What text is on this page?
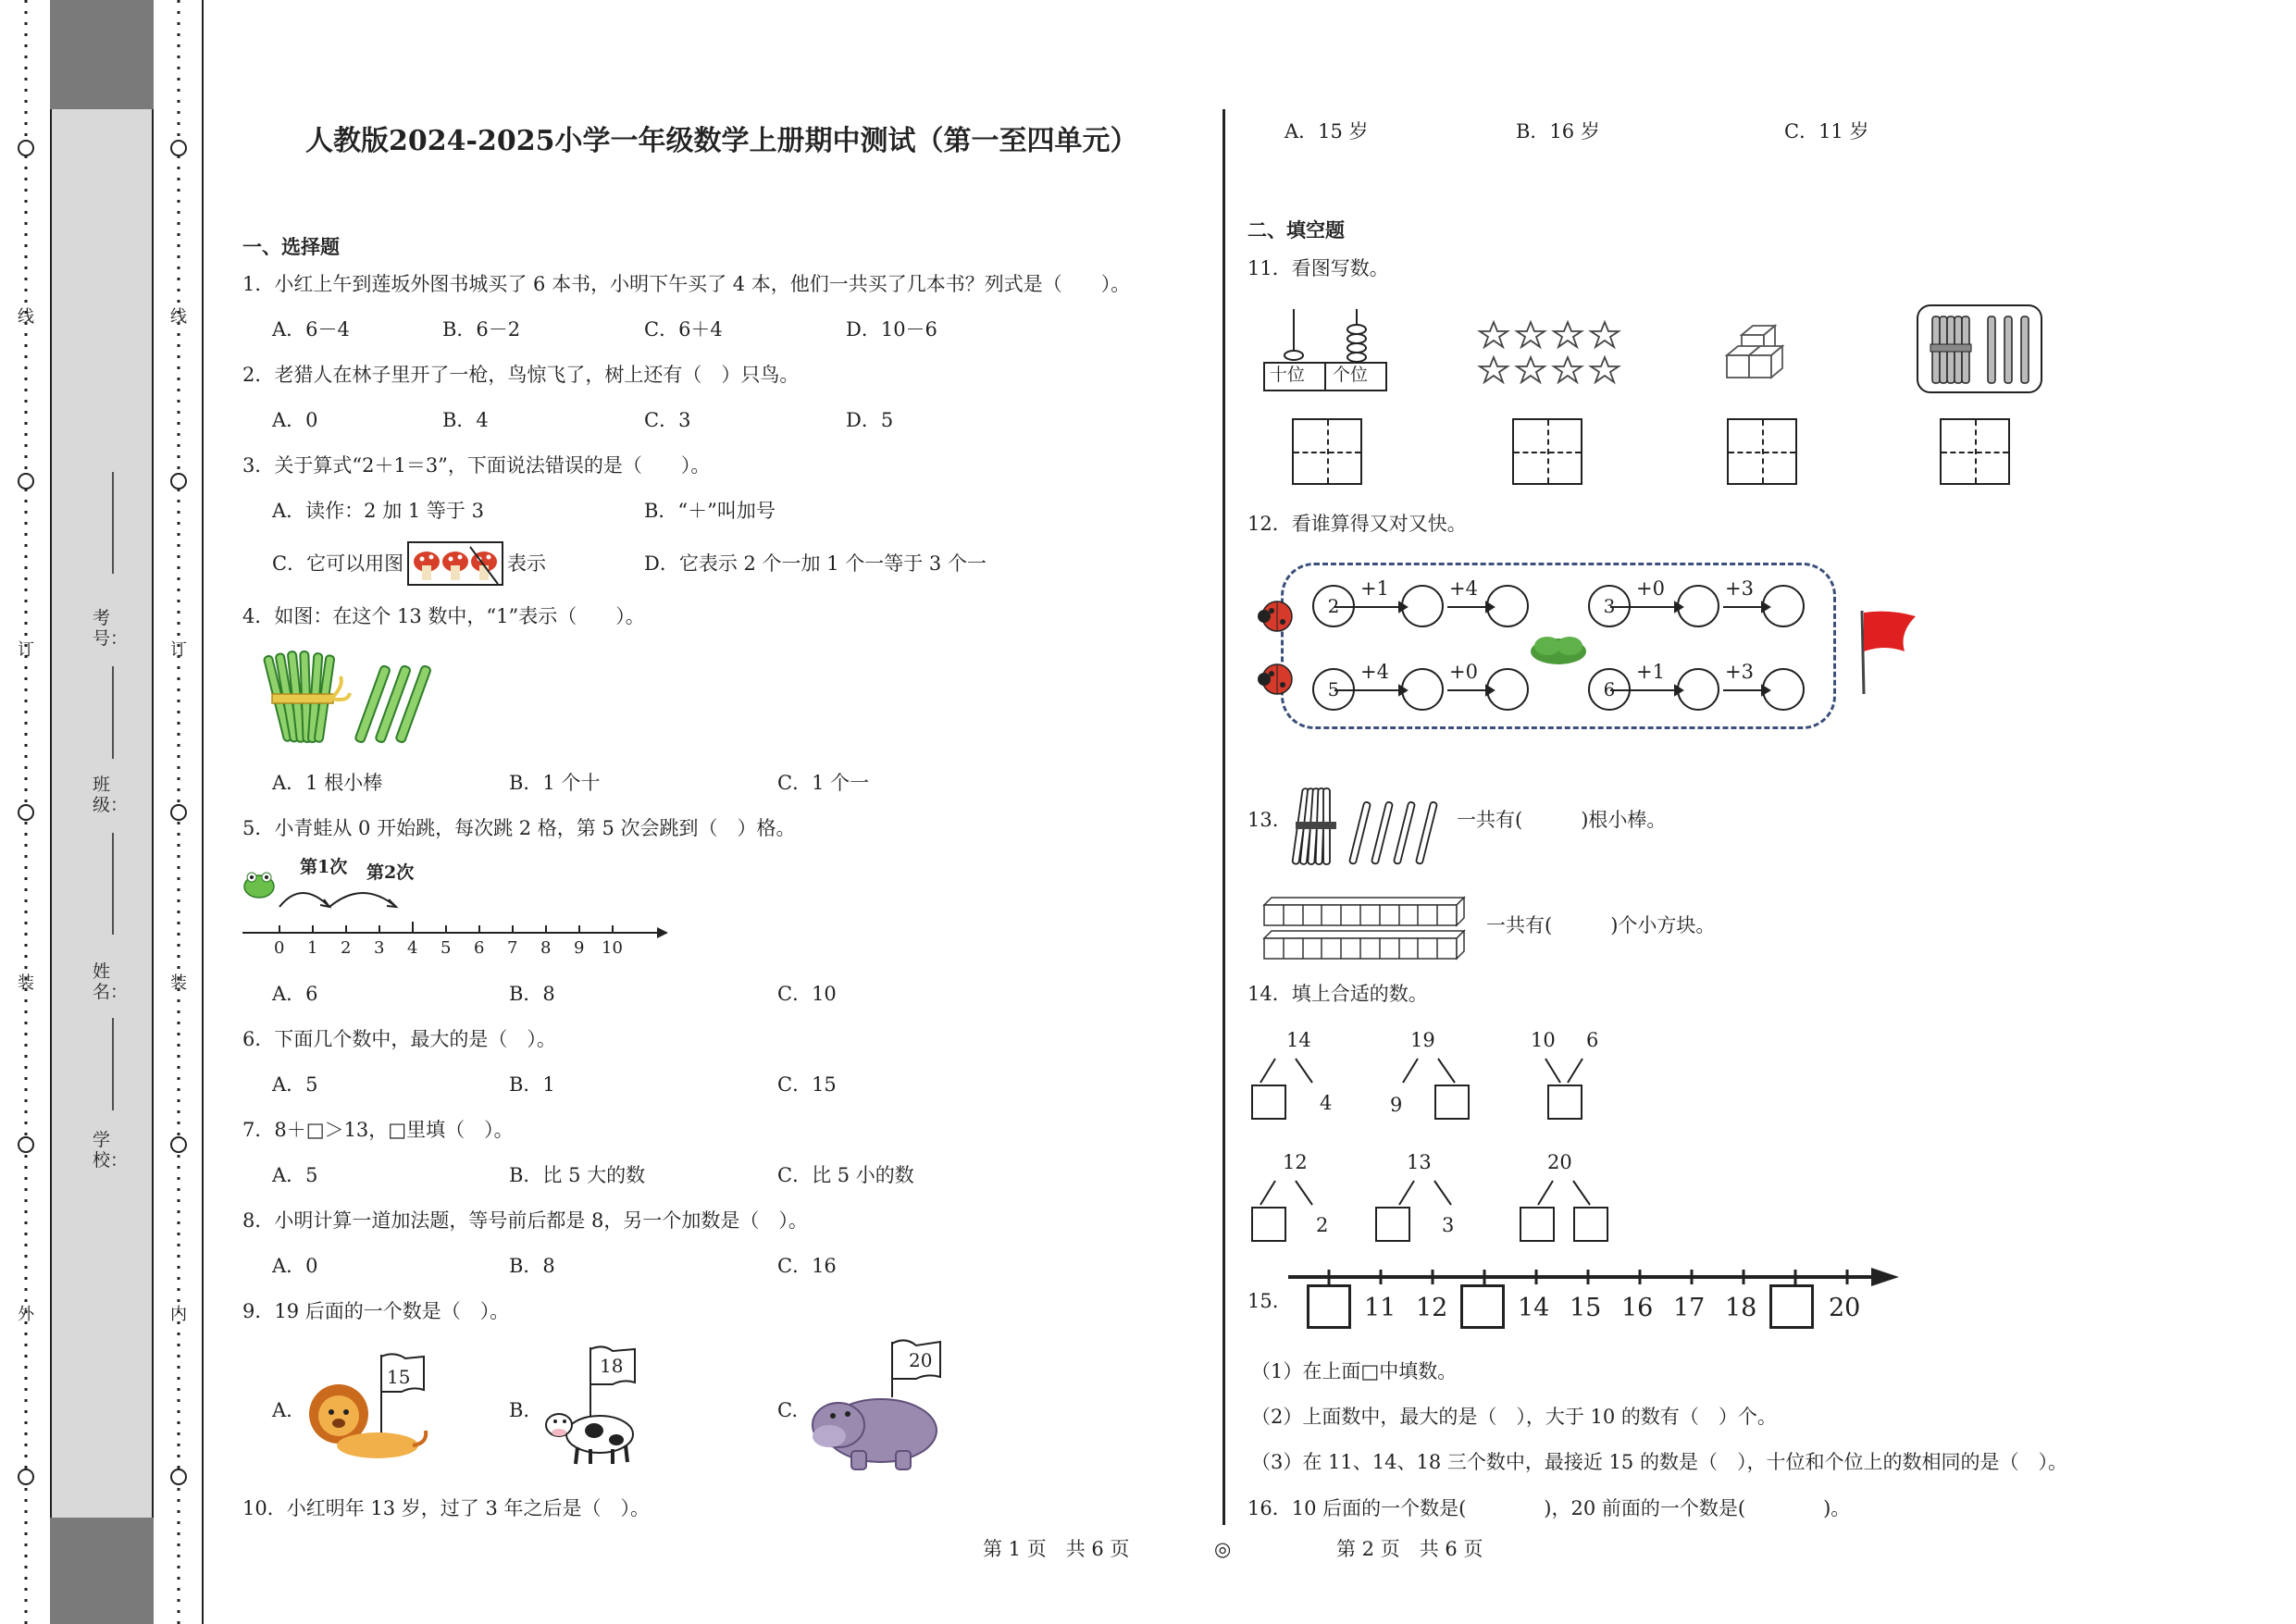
线
订
装
外
线
订
装
内
考号：
班级：
姓名：
学校：
人教版2024-2025小学一年级数学上册期中测试（第一至四单元）
一、选择题
1．小红上午到莲坂外图书城买了 6 本书，小明下午买了 4 本，他们一共买了几本书？列式是（　　）。
A．6－4	B．6－2	C．6＋4	D．10－6
2．老猎人在林子里开了一枪，鸟惊飞了，树上还有（　）只鸟。
A．0	B．4	C．3	D．5
3．关于算式“2＋1＝3”，下面说法错误的是（　　）。
A．读作：2 加 1 等于 3	B．“＋”叫加号
C．它可以用图	表示	D．它表示 2 个一加 1 个一等于 3 个一
4．如图：在这个 13 数中，“1”表示（　　）。
A．1 根小棒	B．1 个十	C．1 个一
5．小青蛙从 0 开始跳，每次跳 2 格，第 5 次会跳到（　）格。
第1次 第2次
0 1 2 3 4 5 6 7 8 9 10
A．6	B．8	C．10
6．下面几个数中，最大的是（　）。
A．5	B．1	C．15
7．8＋□＞13，□里填（　）。
A．5	B．比 5 大的数	C．比 5 小的数
8．小明计算一道加法题，等号前后都是 8，另一个加数是（　）。
A．0	B．8	C．16
9．19 后面的一个数是（　）。
A.
15
B.
18
C.
20
10．小红明年 13 岁，过了 3 年之后是（　）。
A．15 岁	B．16 岁	C．11 岁
二、填空题
11．看图写数。
十位 个位
12．看谁算得又对又快。
2
+1	+4
3
+0	+3
5
+4	+0
6
+1	+3
13.	一共有(　　　)根小棒。
一共有(　　　)个小方块。
14．填上合适的数。
14
4
19
9
10 6
12
2
13
3
20
15.	11 12	14 15 16 17 18	20
（1）在上面□中填数。
（2）上面数中，最大的是（　），大于 10 的数有（　）个。
（3）在 11、14、18 三个数中，最接近 15 的数是（　），十位和个位上的数相同的是（　）。
16．10 后面的一个数是(　　　　)，20 前面的一个数是(　　　　)。
第 1 页　共 6 页	◎	第 2 页　共 6 页
